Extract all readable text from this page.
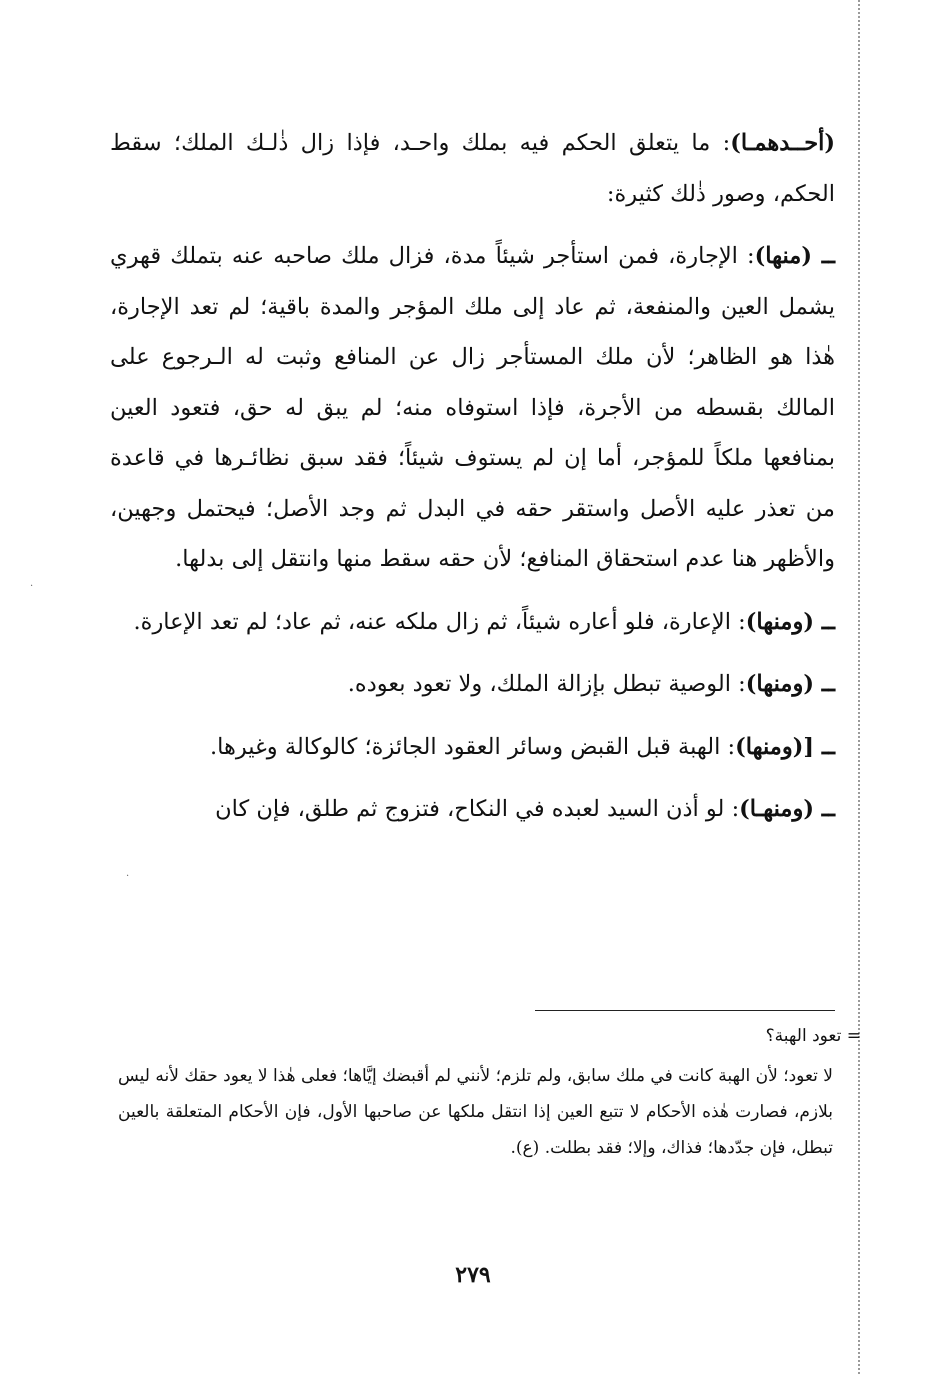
(أحــدهمـا): ما يتعلق الحكم فيه بملك واحـد، فإذا زال ذٰلـك الملك؛ سقط الحكم، وصور ذٰلك كثيرة:

ــ (منها): الإجارة، فمن استأجر شيئاً مدة، فزال ملك صاحبه عنه بتملك قهري يشمل العين والمنفعة، ثم عاد إلى ملك المؤجر والمدة باقية؛ لم تعد الإجارة، هٰذا هو الظاهر؛ لأن ملك المستأجر زال عن المنافع وثبت له الـرجوع على المالك بقسطه من الأجرة، فإذا استوفاه منه؛ لم يبق له حق، فتعود العين بمنافعها ملكاً للمؤجر، أما إن لم يستوف شيئاً؛ فقد سبق نظائـرها في قاعدة من تعذر عليه الأصل واستقر حقه في البدل ثم وجد الأصل؛ فيحتمل وجهين، والأظهر هنا عدم استحقاق المنافع؛ لأن حقه سقط منها وانتقل إلى بدلها.

ــ (ومنها): الإعارة، فلو أعاره شيئاً، ثم زال ملكه عنه، ثم عاد؛ لم تعد الإعارة.

ــ (ومنها): الوصية تبطل بإزالة الملك، ولا تعود بعوده.

ــ [(ومنها): الهبة قبل القبض وسائر العقود الجائزة؛ كالوكالة وغيرها.

ــ (ومنهـا): لو أذن السيد لعبده في النكاح، فتزوج ثم طلق، فإن كان

= تعود الهبة؟
لا تعود؛ لأن الهبة كانت في ملك سابق، ولم تلزم؛ لأنني لم أقبضك إيَّاها؛ فعلى هٰذا لا يعود حقك لأنه ليس بلازم، فصارت هٰذه الأحكام لا تتبع العين إذا انتقل ملكها عن صاحبها الأول، فإن الأحكام المتعلقة بالعين تبطل، فإن جدّدها؛ فذاك، وإلا؛ فقد بطلت. (ع).
٢٧٩
.
.
